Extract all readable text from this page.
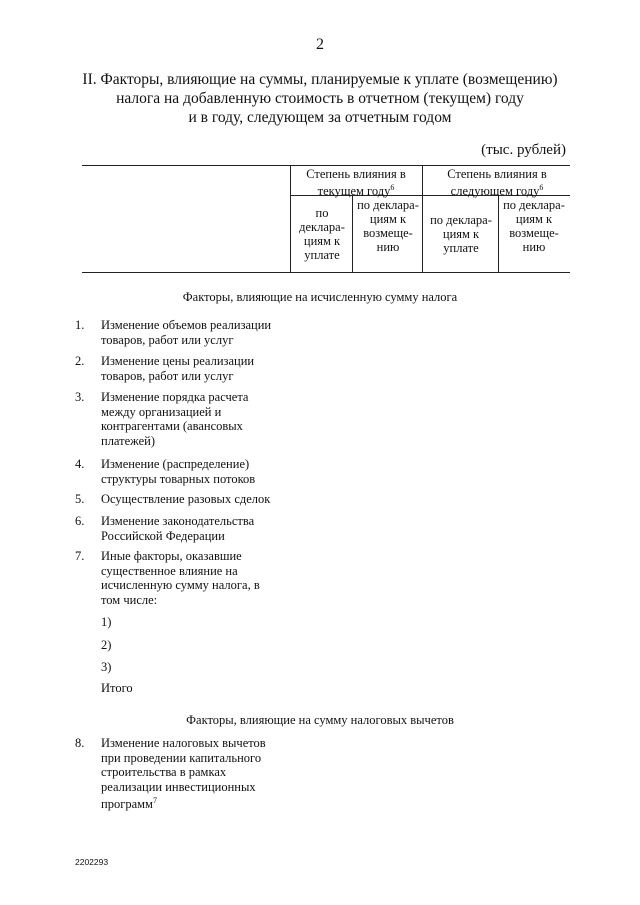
2
II. Факторы, влияющие на суммы, планируемые к уплате (возмещению)
налога на добавленную стоимость в отчетном (текущем) году
и в году, следующем за отчетным годом
(тыс. рублей)
Степень влияния в текущем году$^6$
Степень влияния в следующем году$^6$
по деклара- циям к уплате
по деклара- циям к возмеще- нию
по деклара- циям к уплате
по деклара- циям к возмеще- нию
Факторы, влияющие на исчисленную сумму налога
1. Изменение объемов реализации товаров, работ или услуг
2. Изменение цены реализации товаров, работ или услуг
3. Изменение порядка расчета между организацией и контрагентами (авансовых платежей)
4. Изменение (распределение) структуры товарных потоков
5. Осуществление разовых сделок
6. Изменение законодательства Российской Федерации
7. Иные факторы, оказавшие существенное влияние на исчисленную сумму налога, в том числе:
1)
2)
3)
Итого
Факторы, влияющие на сумму налоговых вычетов
8. Изменение налоговых вычетов при проведении капитального строительства в рамках реализации инвестиционных программ$^7$
2202293
